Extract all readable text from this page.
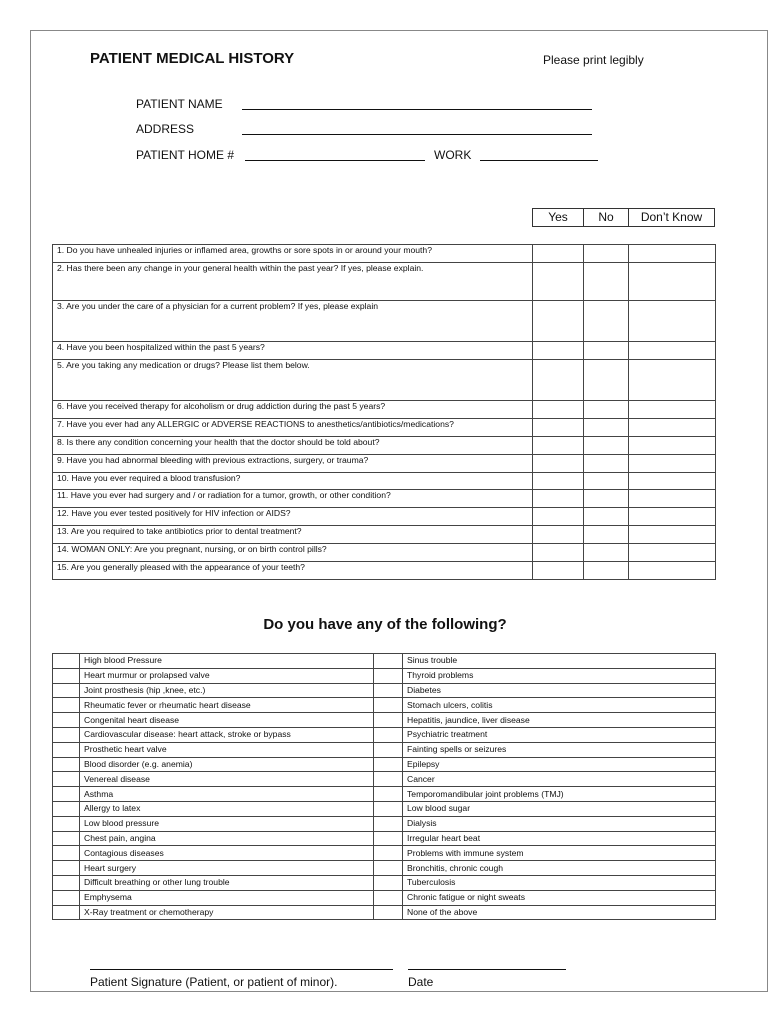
PATIENT MEDICAL HISTORY	Please print legibly
PATIENT NAME
ADDRESS
PATIENT HOME #	WORK
Yes	No	Don’t Know
1. Do you have unhealed injuries or inflamed area, growths or sore spots in or around your mouth?			
2. Has there been any change in your general health within the past year? If yes, please explain.			
3. Are you under the care of a physician for a current problem? If yes, please explain			
4. Have you been hospitalized within the past 5 years?			
5. Are you taking any medication or drugs? Please list them below.			
6. Have you received therapy for alcoholism or drug addiction during the past 5 years?			
7. Have you ever had any ALLERGIC or ADVERSE REACTIONS to anesthetics/antibiotics/medications?			
8. Is there any condition concerning your health that the doctor should be told about?			
9. Have you had abnormal bleeding with previous extractions, surgery, or trauma?			
10. Have you ever required a blood transfusion?			
11. Have you ever had surgery and / or radiation for a tumor, growth, or other condition?			
12. Have you ever tested positively for HIV infection or AIDS?			
13. Are you required to take antibiotics prior to dental treatment?			
14. WOMAN ONLY: Are you pregnant, nursing, or on birth control pills?			
15. Are you generally pleased with the appearance of your teeth?			
Do you have any of the following?
	High blood Pressure		Sinus trouble
	Heart murmur or prolapsed valve		Thyroid problems
	Joint prosthesis (hip ,knee, etc.)		Diabetes
	Rheumatic fever or rheumatic heart disease		Stomach ulcers, colitis
	Congenital heart disease		Hepatitis, jaundice, liver disease
	Cardiovascular disease: heart attack, stroke or bypass		Psychiatric treatment
	Prosthetic heart valve		Fainting spells or seizures
	Blood disorder (e.g. anemia)		Epilepsy
	Venereal disease		Cancer
	Asthma		Temporomandibular joint problems (TMJ)
	Allergy to latex		Low blood sugar
	Low blood pressure		Dialysis
	Chest pain, angina		Irregular heart beat
	Contagious diseases		Problems with immune system
	Heart surgery		Bronchitis, chronic cough
	Difficult breathing or other lung trouble		Tuberculosis
	Emphysema		Chronic fatigue or night sweats
	X-Ray treatment or chemotherapy		None of the above
Patient Signature (Patient, or patient of minor).	Date
